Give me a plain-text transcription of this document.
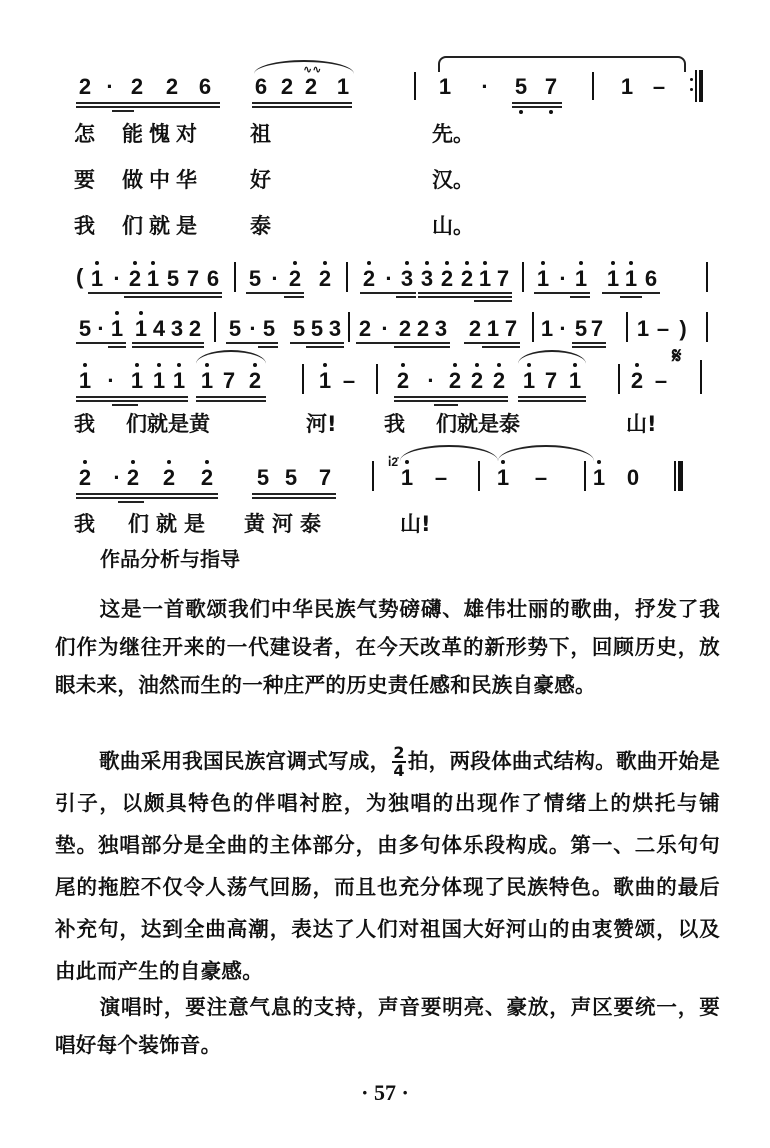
2 · 2 2 6 6 2 2
∿∿
1	1 · 5 7	1 –
怎 能愧对 祖	先。
要 做中华 好	汉。
我 们就是 泰	山。
( 1 · 2 1 5 7 6 5 · 2 2 2 · 3 3 2 2 1 7 1 · 1 1 1 6
5 · 1 1 4 3 2 5 · 5 5 5 3 2 · 2 2 3 2 1 7 1 · 5 7 1 – )
1 · 1 1 1 1 7 2	1 – 2 · 2 2 2 1 7 1 2 –
𝄋
我 们就是黄	河! 我 们就是泰	山!
2 · 2 2 2 5 5 7
i̇2̇
1 – 1 – 1 0
我 们就是 黄河泰	山!
作品分析与指导

这是一首歌颂我们中华民族气势磅礴、雄伟壮丽的歌曲，抒发了我们作为继往开来的一代建设者，在今天改革的新形势下，回顾历史，放眼未来，油然而生的一种庄严的历史责任感和民族自豪感。

歌曲采用我国民族宫调式写成， $\frac{2}{4}$ 拍，两段体曲式结构。歌曲开始是引子，以颇具特色的伴唱衬腔，为独唱的出现作了情绪上的烘托与铺垫。独唱部分是全曲的主体部分，由多句体乐段构成。第一、二乐句句尾的拖腔不仅令人荡气回肠，而且也充分体现了民族特色。歌曲的最后补充句，达到全曲高潮，表达了人们对祖国大好河山的由衷赞颂，以及由此而产生的自豪感。

演唱时，要注意气息的支持，声音要明亮、豪放，声区要统一，要唱好每个装饰音。

· 57 ·
